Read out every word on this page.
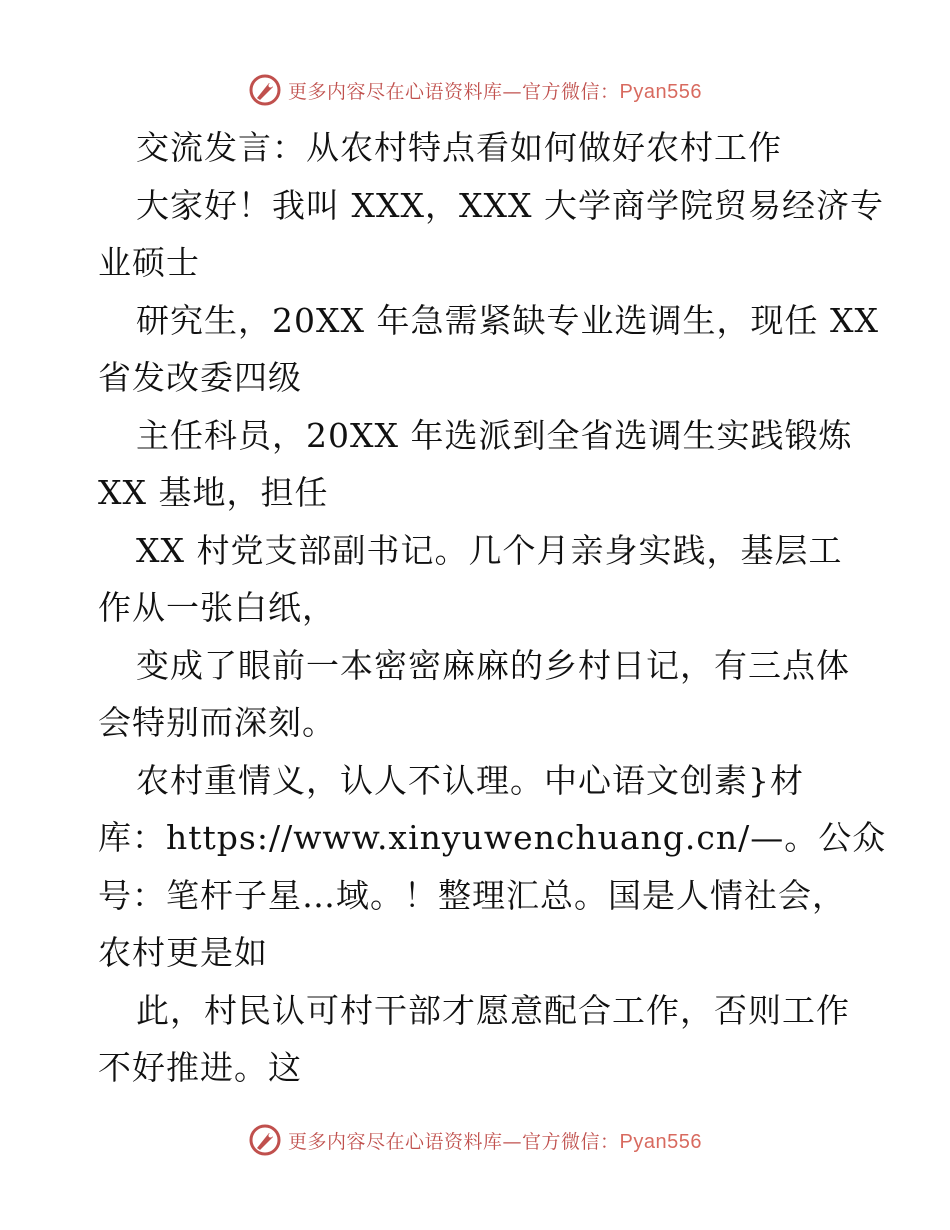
更多内容尽在心语资料库—官方微信：Pyan556
交流发言：从农村特点看如何做好农村工作
大家好！我叫 XXX，XXX 大学商学院贸易经济专
业硕士
研究生，20XX 年急需紧缺专业选调生，现任 XX
省发改委四级
主任科员，20XX 年选派到全省选调生实践锻炼
XX 基地，担任
XX 村党支部副书记。几个月亲身实践，基层工
作从一张白纸，
变成了眼前一本密密麻麻的乡村日记，有三点体
会特别而深刻。
农村重情义，认人不认理。中心语文创素}材
库：https://www.xinyuwenchuang.cn/—。公众
号：笔杆子星…域。！整理汇总。国是人情社会，
农村更是如
此，村民认可村干部才愿意配合工作，否则工作
不好推进。这
更多内容尽在心语资料库—官方微信：Pyan556
